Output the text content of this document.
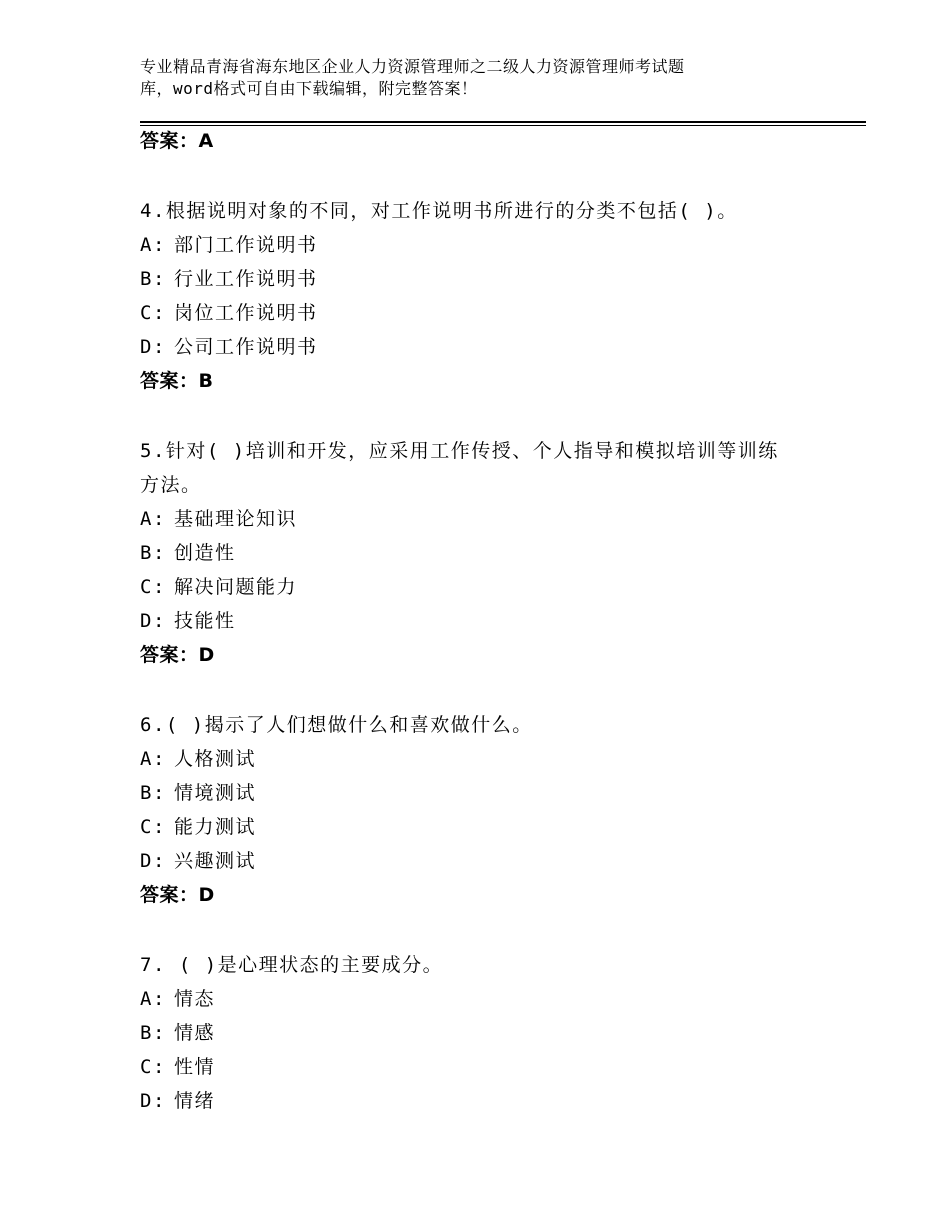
专业精品青海省海东地区企业人力资源管理师之二级人力资源管理师考试题
库，word格式可自由下载编辑，附完整答案！
答案：A
4.根据说明对象的不同，对工作说明书所进行的分类不包括( )。
A: 部门工作说明书
B: 行业工作说明书
C: 岗位工作说明书
D: 公司工作说明书
答案：B
5.针对( )培训和开发，应采用工作传授、个人指导和模拟培训等训练
方法。
A: 基础理论知识
B: 创造性
C: 解决问题能力
D: 技能性
答案：D
6.( )揭示了人们想做什么和喜欢做什么。
A: 人格测试
B: 情境测试
C: 能力测试
D: 兴趣测试
答案：D
7. ( )是心理状态的主要成分。
A: 情态
B: 情感
C: 性情
D: 情绪
